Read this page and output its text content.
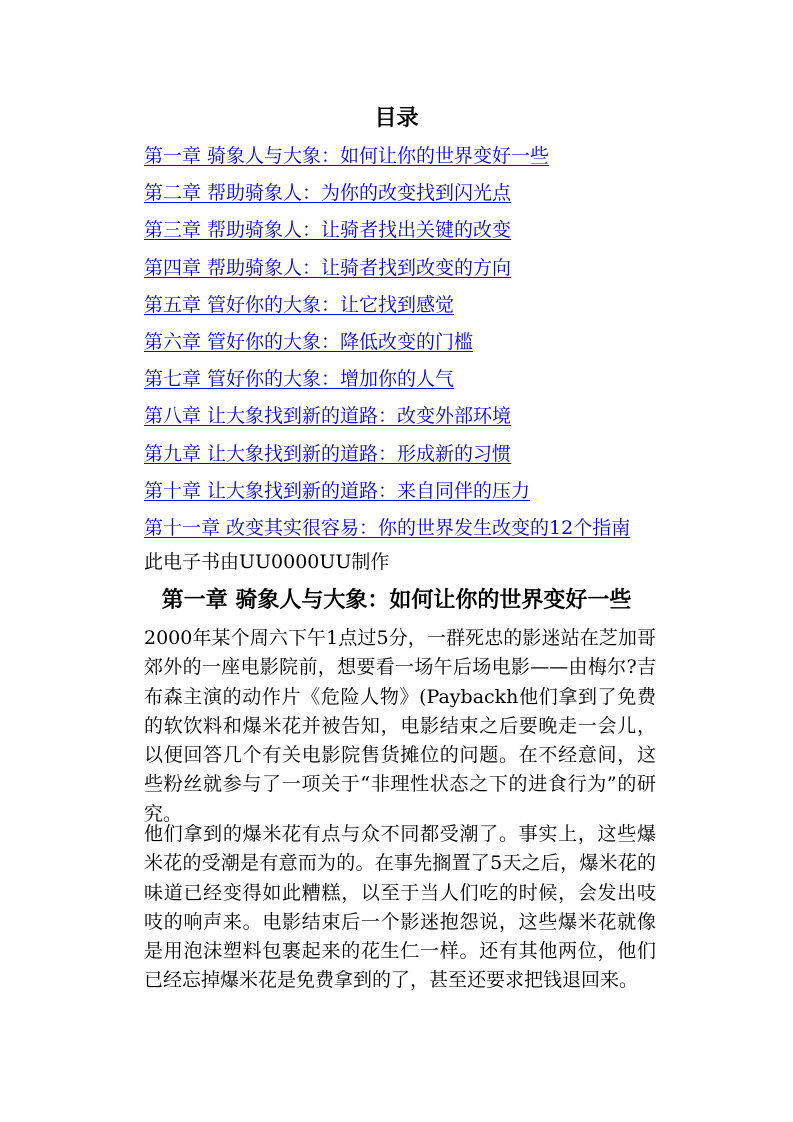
目录
第一章 骑象人与大象：如何让你的世界变好一些
第二章 帮助骑象人：为你的改变找到闪光点
第三章 帮助骑象人：让骑者找出关键的改变
第四章 帮助骑象人：让骑者找到改变的方向
第五章 管好你的大象：让它找到感觉
第六章 管好你的大象：降低改变的门槛
第七章 管好你的大象：增加你的人气
第八章 让大象找到新的道路：改变外部环境
第九章 让大象找到新的道路：形成新的习惯
第十章 让大象找到新的道路：来自同伴的压力
第十一章 改变其实很容易：你的世界发生改变的12个指南

此电子书由UU0000UU制作

第一章 骑象人与大象：如何让你的世界变好一些

2000年某个周六下午1点过5分，一群死忠的影迷站在芝加哥郊外的一座电影院前，想要看一场午后场电影——由梅尔?吉布森主演的动作片《危险人物》(Paybackh他们拿到了免费的软饮料和爆米花并被告知，电影结束之后要晚走一会儿，以便回答几个有关电影院售货摊位的问题。在不经意间，这些粉丝就参与了一项关于“非理性状态之下的进食行为”的研究。

他们拿到的爆米花有点与众不同都受潮了。事实上，这些爆米花的受潮是有意而为的。在事先搁置了5天之后，爆米花的味道已经变得如此糟糕，以至于当人们吃的时候，会发出吱吱的响声来。电影结束后一个影迷抱怨说，这些爆米花就像是用泡沫塑料包裹起来的花生仁一样。还有其他两位，他们已经忘掉爆米花是免费拿到的了，甚至还要求把钱退回来。
